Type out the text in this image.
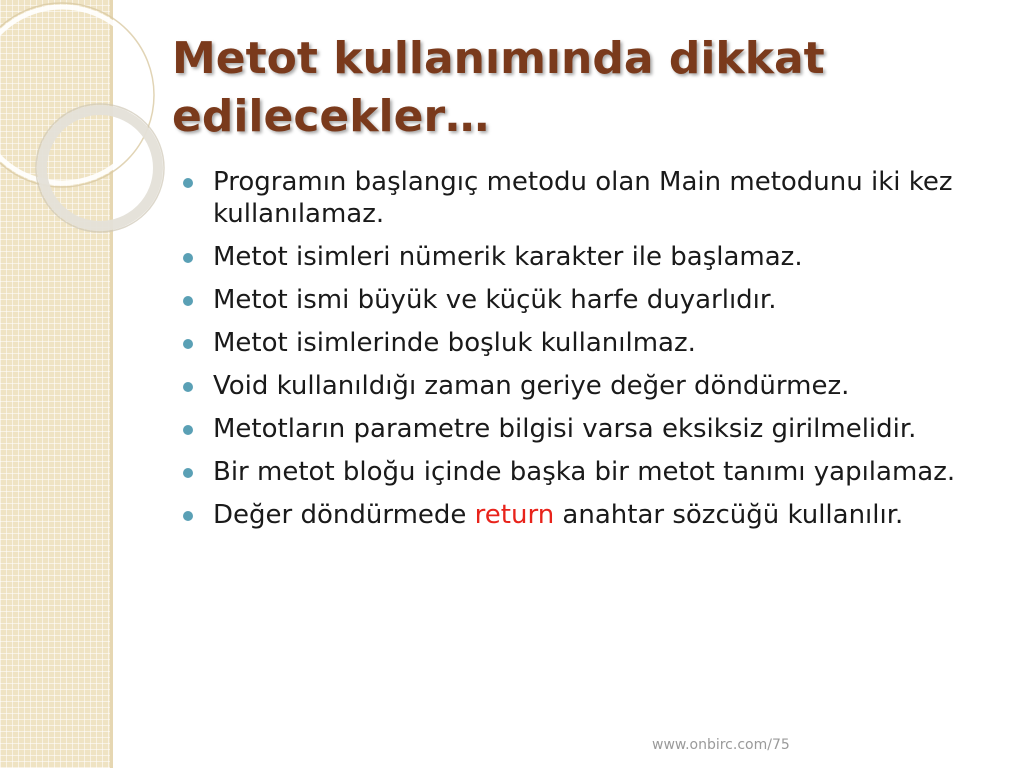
Metot kullanımında dikkat edilecekler…
Programın başlangıç metodu olan Main metodunu iki kez kullanılamaz.
Metot isimleri nümerik karakter ile başlamaz.
Metot ismi büyük ve küçük harfe duyarlıdır.
Metot isimlerinde boşluk kullanılmaz.
Void kullanıldığı zaman geriye değer döndürmez.
Metotların parametre bilgisi varsa eksiksiz girilmelidir.
Bir metot bloğu içinde başka bir metot tanımı yapılamaz.
Değer döndürmede return anahtar sözcüğü kullanılır.
www.onbirc.com/75
